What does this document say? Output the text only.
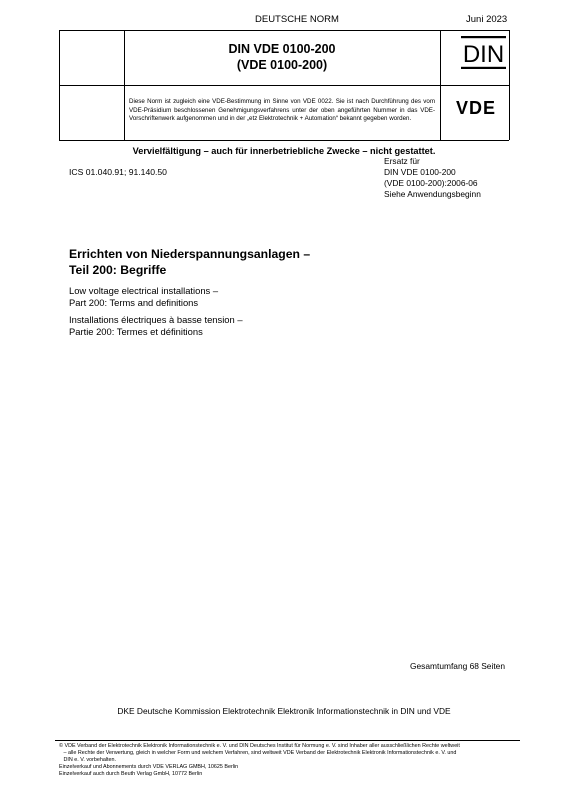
DEUTSCHE NORM	Juni 2023
DIN VDE 0100-200
(VDE 0100-200)	DIN
Diese Norm ist zugleich eine VDE-Bestimmung im Sinne von VDE 0022. Sie ist nach Durchführung des vom VDE-Präsidium beschlossenen Genehmigungsverfahrens unter der oben angeführten Nummer in das VDE-Vorschriftenwerk aufgenommen und in der „etz Elektrotechnik + Automation“ bekannt gegeben worden.
VDE
Vervielfältigung – auch für innerbetriebliche Zwecke – nicht gestattet.
ICS 01.040.91; 91.140.50
Ersatz für
DIN VDE 0100-200
(VDE 0100-200):2006-06
Siehe Anwendungsbeginn
Errichten von Niederspannungsanlagen –
Teil 200: Begriffe
Low voltage electrical installations –
Part 200: Terms and definitions
Installations électriques à basse tension –
Partie 200: Termes et définitions
Gesamtumfang 68 Seiten
DKE Deutsche Kommission Elektrotechnik Elektronik Informationstechnik in DIN und VDE
© VDE Verband der Elektrotechnik Elektronik Informationstechnik e. V. und DIN Deutsches Institut für Normung e. V. sind Inhaber aller ausschließlichen Rechte weltweit
– alle Rechte der Verwertung, gleich in welcher Form und welchem Verfahren, sind weltweit VDE Verband der Elektrotechnik Elektronik Informationstechnik e. V. und
DIN e. V. vorbehalten.
Einzelverkauf und Abonnements durch VDE VERLAG GMBH, 10625 Berlin
Einzelverkauf auch durch Beuth Verlag GmbH, 10772 Berlin
